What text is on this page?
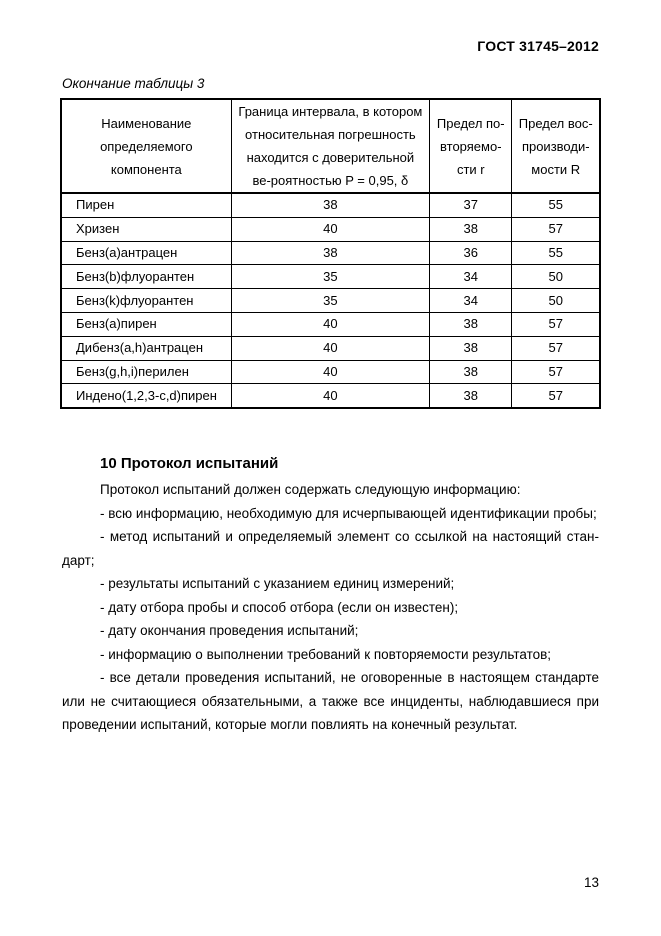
ГОСТ 31745–2012
Окончание таблицы 3
Наименование определяемого компонента	Граница интервала, в котором относительная погрешность находится с доверительной ве-роятностью P = 0,95, δ	Предел по-вторяемо-сти r	Предел вос-производи-мости R

Пирен	38	37	55
Хризен	40	38	57
Бенз(а)антрацен	38	36	55
Бенз(b)флуорантен	35	34	50
Бенз(k)флуорантен	35	34	50
Бенз(а)пирен	40	38	57
Дибенз(a,h)антрацен	40	38	57
Бенз(g,h,i)перилен	40	38	57
Индено(1,2,3-c,d)пирен	40	38	57
10 Протокол испытаний

Протокол испытаний должен содержать следующую информацию:

- всю информацию, необходимую для исчерпывающей идентификации пробы;

- метод испытаний и определяемый элемент со ссылкой на настоящий стан-дарт;

- результаты испытаний с указанием единиц измерений;

- дату отбора пробы и способ отбора (если он известен);

- дату окончания проведения испытаний;

- информацию о выполнении требований к повторяемости результатов;

- все детали проведения испытаний, не оговоренные в настоящем стандарте или не считающиеся обязательными, а также все инциденты, наблюдавшиеся при проведении испытаний, которые могли повлиять на конечный результат.

13
